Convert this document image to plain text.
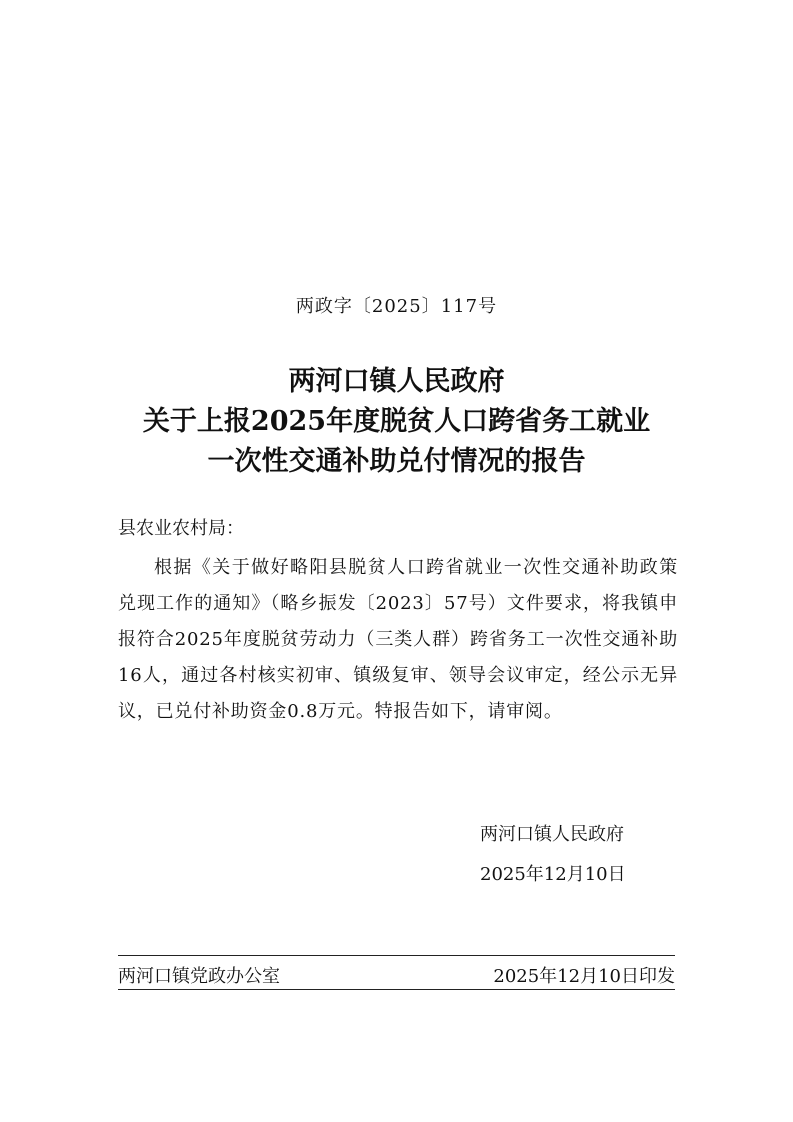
两政字〔2025〕117号
两河口镇人民政府
关于上报2025年度脱贫人口跨省务工就业
一次性交通补助兑付情况的报告
县农业农村局：
根据《关于做好略阳县脱贫人口跨省就业一次性交通补助政策兑现工作的通知》（略乡振发〔2023〕57号）文件要求，将我镇申报符合2025年度脱贫劳动力（三类人群）跨省务工一次性交通补助16人，通过各村核实初审、镇级复审、领导会议审定，经公示无异议，已兑付补助资金0.8万元。特报告如下，请审阅。
两河口镇人民政府
2025年12月10日
两河口镇党政办公室	2025年12月10日印发
